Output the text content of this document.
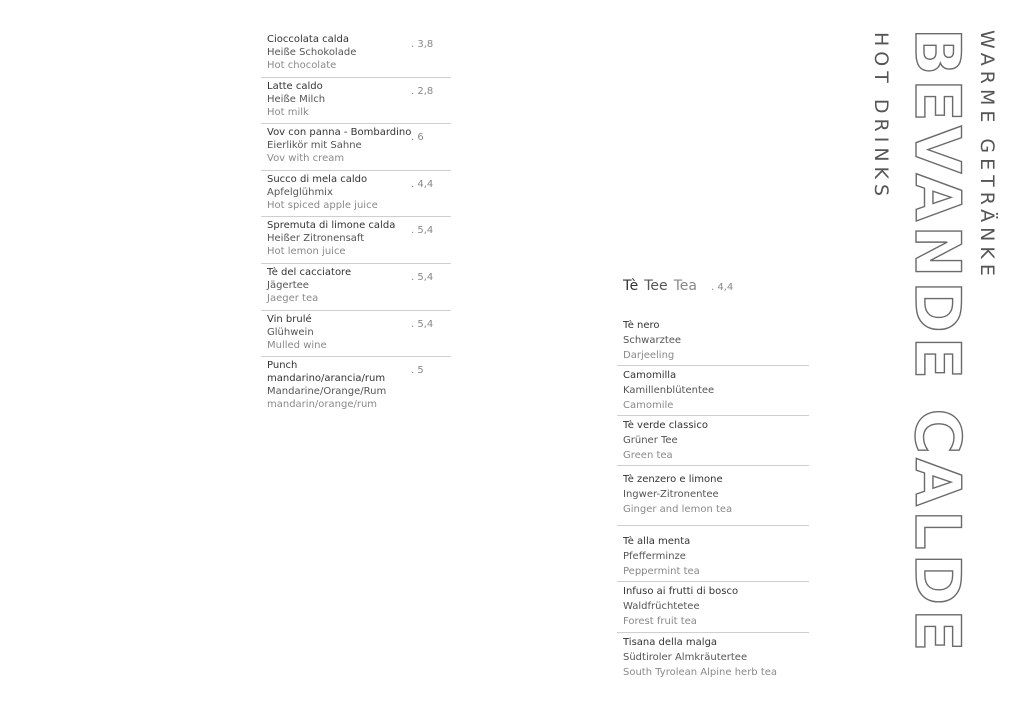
Cioccolata calda
Heiße Schokolade
Hot chocolate
. 3,8
Latte caldo
Heiße Milch
Hot milk
. 2,8
Vov con panna - Bombardino
Eierlikör mit Sahne
Vov with cream
. 6
Succo di mela caldo
Apfelglühmix
Hot spiced apple juice
. 4,4
Spremuta di limone calda
Heißer Zitronensaft
Hot lemon juice
. 5,4
Tè del cacciatore
Jägertee
Jaeger tea
. 5,4
Vin brulé
Glühwein
Mulled wine
. 5,4
Punch mandarino/arancia/rum
Mandarine/Orange/Rum
mandarin/orange/rum
. 5
Tè Tee Tea . 4,4
Tè nero
Schwarztee
Darjeeling
Camomilla
Kamillenblütentee
Camomile
Tè verde classico
Grüner Tee
Green tea
Tè zenzero e limone
Ingwer-Zitronentee
Ginger and lemon tea
Tè alla menta
Pfefferminze
Peppermint tea
Infuso ai frutti di bosco
Waldfrüchtetee
Forest fruit tea
Tisana della malga
Südtiroler Almkräutertee
South Tyrolean Alpine herb tea
HOT DRINKS BEVANDE CALDE WARME GETRÄNKE
